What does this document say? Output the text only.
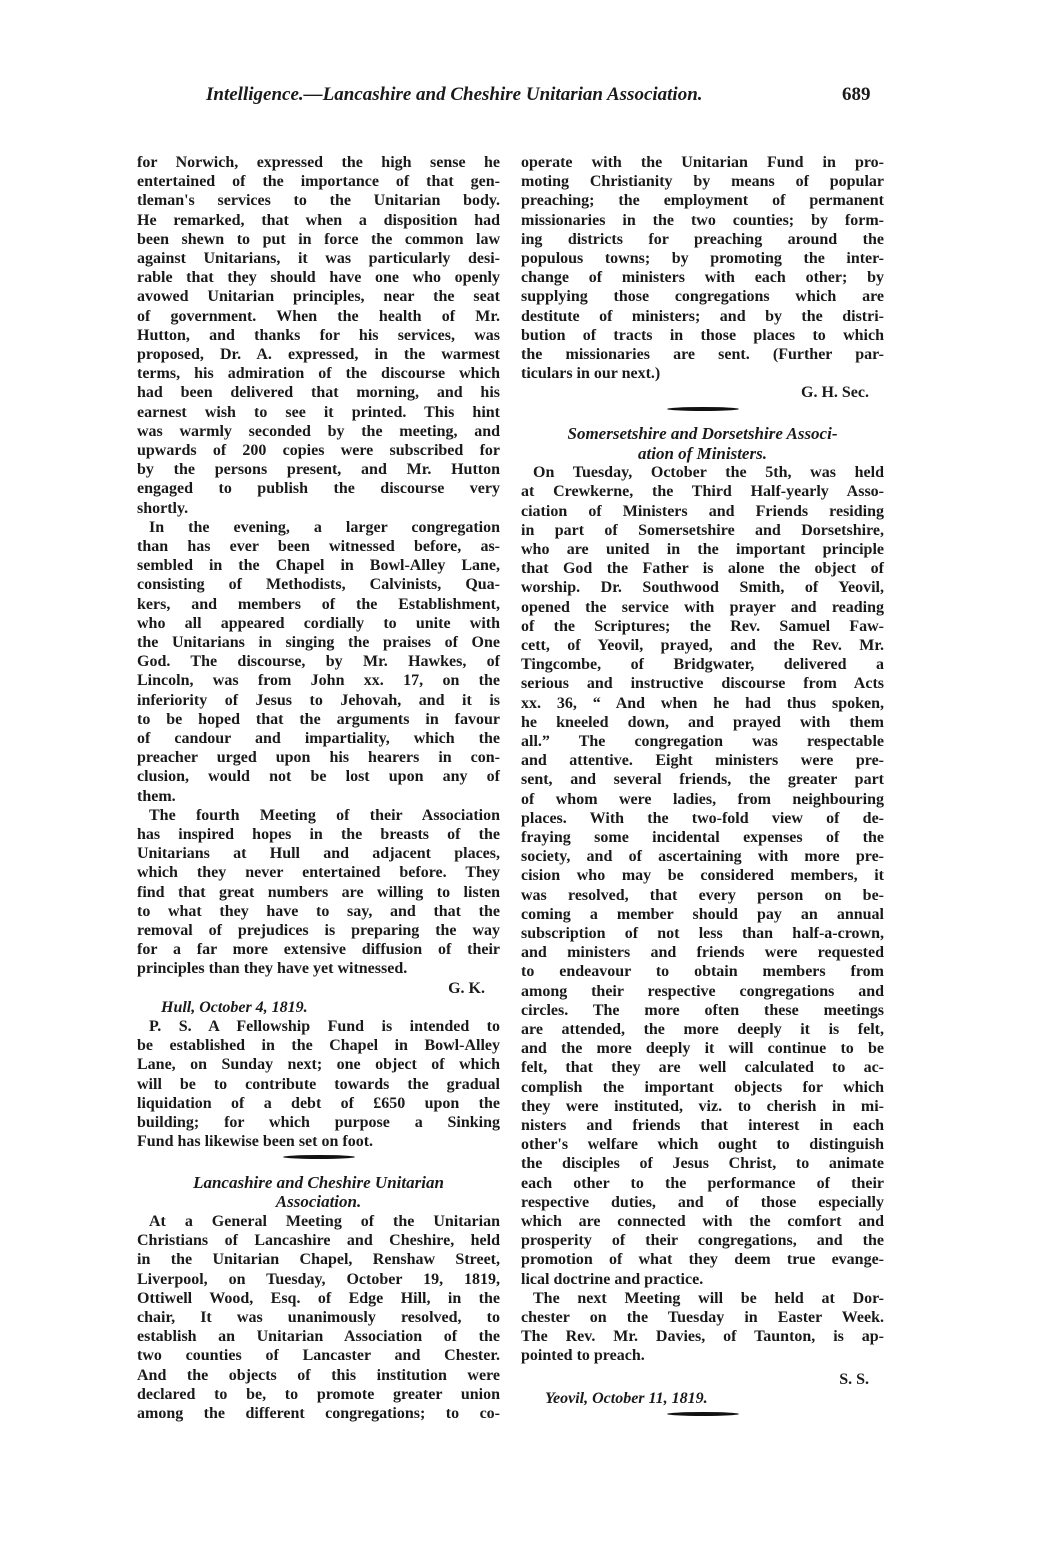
Intelligence.—Lancashire and Cheshire Unitarian Association.	689
for Norwich, expressed the high sense he
entertained of the importance of that gen-
tleman's services to the Unitarian body.
He remarked, that when a disposition had
been shewn to put in force the common law
against Unitarians, it was particularly desi-
rable that they should have one who openly
avowed Unitarian principles, near the seat
of government. When the health of Mr.
Hutton, and thanks for his services, was
proposed, Dr. A. expressed, in the warmest
terms, his admiration of the discourse which
had been delivered that morning, and his
earnest wish to see it printed. This hint
was warmly seconded by the meeting, and
upwards of 200 copies were subscribed for
by the persons present, and Mr. Hutton
engaged to publish the discourse very
shortly.
In the evening, a larger congregation
than has ever been witnessed before, as-
sembled in the Chapel in Bowl-Alley Lane,
consisting of Methodists, Calvinists, Qua-
kers, and members of the Establishment,
who all appeared cordially to unite with
the Unitarians in singing the praises of One
God. The discourse, by Mr. Hawkes, of
Lincoln, was from John xx. 17, on the
inferiority of Jesus to Jehovah, and it is
to be hoped that the arguments in favour
of candour and impartiality, which the
preacher urged upon his hearers in con-
clusion, would not be lost upon any of
them.
The fourth Meeting of their Association
has inspired hopes in the breasts of the
Unitarians at Hull and adjacent places,
which they never entertained before. They
find that great numbers are willing to listen
to what they have to say, and that the
removal of prejudices is preparing the way
for a far more extensive diffusion of their
principles than they have yet witnessed.
G. K.
Hull, October 4, 1819.
P. S. A Fellowship Fund is intended to
be established in the Chapel in Bowl-Alley
Lane, on Sunday next; one object of which
will be to contribute towards the gradual
liquidation of a debt of £650 upon the
building; for which purpose a Sinking
Fund has likewise been set on foot.
Lancashire and Cheshire Unitarian
Association.
At a General Meeting of the Unitarian
Christians of Lancashire and Cheshire, held
in the Unitarian Chapel, Renshaw Street,
Liverpool, on Tuesday, October 19, 1819,
Ottiwell Wood, Esq. of Edge Hill, in the
chair, It was unanimously resolved, to
establish an Unitarian Association of the
two counties of Lancaster and Chester.
And the objects of this institution were
declared to be, to promote greater union
among the different congregations; to co-
operate with the Unitarian Fund in pro-
moting Christianity by means of popular
preaching; the employment of permanent
missionaries in the two counties; by form-
ing districts for preaching around the
populous towns; by promoting the inter-
change of ministers with each other; by
supplying those congregations which are
destitute of ministers; and by the distri-
bution of tracts in those places to which
the missionaries are sent. (Further par-
ticulars in our next.)
G. H. Sec.
Somersetshire and Dorsetshire Associ-
ation of Ministers.
On Tuesday, October the 5th, was held
at Crewkerne, the Third Half-yearly Asso-
ciation of Ministers and Friends residing
in part of Somersetshire and Dorsetshire,
who are united in the important principle
that God the Father is alone the object of
worship. Dr. Southwood Smith, of Yeovil,
opened the service with prayer and reading
of the Scriptures; the Rev. Samuel Faw-
cett, of Yeovil, prayed, and the Rev. Mr.
Tingcombe, of Bridgwater, delivered a
serious and instructive discourse from Acts
xx. 36, “ And when he had thus spoken,
he kneeled down, and prayed with them
all.” The congregation was respectable
and attentive. Eight ministers were pre-
sent, and several friends, the greater part
of whom were ladies, from neighbouring
places. With the two-fold view of de-
fraying some incidental expenses of the
society, and of ascertaining with more pre-
cision who may be considered members, it
was resolved, that every person on be-
coming a member should pay an annual
subscription of not less than half-a-crown,
and ministers and friends were requested
to endeavour to obtain members from
among their respective congregations and
circles. The more often these meetings
are attended, the more deeply it is felt,
and the more deeply it will continue to be
felt, that they are well calculated to ac-
complish the important objects for which
they were instituted, viz. to cherish in mi-
nisters and friends that interest in each
other's welfare which ought to distinguish
the disciples of Jesus Christ, to animate
each other to the performance of their
respective duties, and of those especially
which are connected with the comfort and
prosperity of their congregations, and the
promotion of what they deem true evange-
lical doctrine and practice.
The next Meeting will be held at Dor-
chester on the Tuesday in Easter Week.
The Rev. Mr. Davies, of Taunton, is ap-
pointed to preach.
S. S.
Yeovil, October 11, 1819.
